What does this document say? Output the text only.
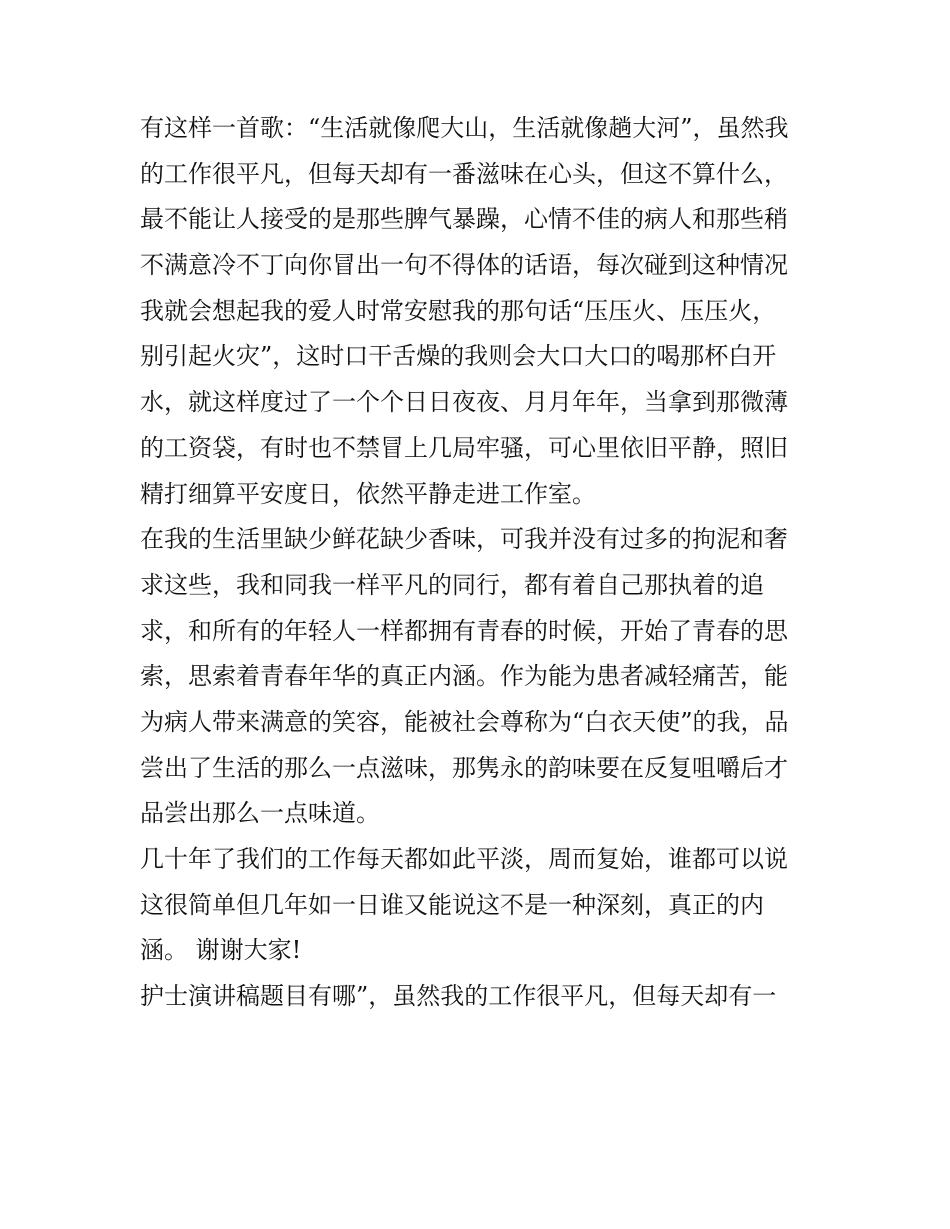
有这样一首歌：“生活就像爬大山，生活就像趟大河”，虽然我
的工作很平凡，但每天却有一番滋味在心头，但这不算什么，
最不能让人接受的是那些脾气暴躁，心情不佳的病人和那些稍
不满意冷不丁向你冒出一句不得体的话语，每次碰到这种情况
我就会想起我的爱人时常安慰我的那句话“压压火、压压火，
别引起火灾”，这时口干舌燥的我则会大口大口的喝那杯白开
水，就这样度过了一个个日日夜夜、月月年年，当拿到那微薄
的工资袋，有时也不禁冒上几局牢骚，可心里依旧平静，照旧
精打细算平安度日，依然平静走进工作室。
在我的生活里缺少鲜花缺少香味，可我并没有过多的拘泥和奢
求这些，我和同我一样平凡的同行，都有着自己那执着的追
求，和所有的年轻人一样都拥有青春的时候，开始了青春的思
索，思索着青春年华的真正内涵。作为能为患者减轻痛苦，能
为病人带来满意的笑容，能被社会尊称为“白衣天使”的我，品
尝出了生活的那么一点滋味，那隽永的韵味要在反复咀嚼后才
品尝出那么一点味道。
几十年了我们的工作每天都如此平淡，周而复始，谁都可以说
这很简单但几年如一日谁又能说这不是一种深刻，真正的内
涵。 谢谢大家!
护士演讲稿题目有哪”，虽然我的工作很平凡，但每天却有一
